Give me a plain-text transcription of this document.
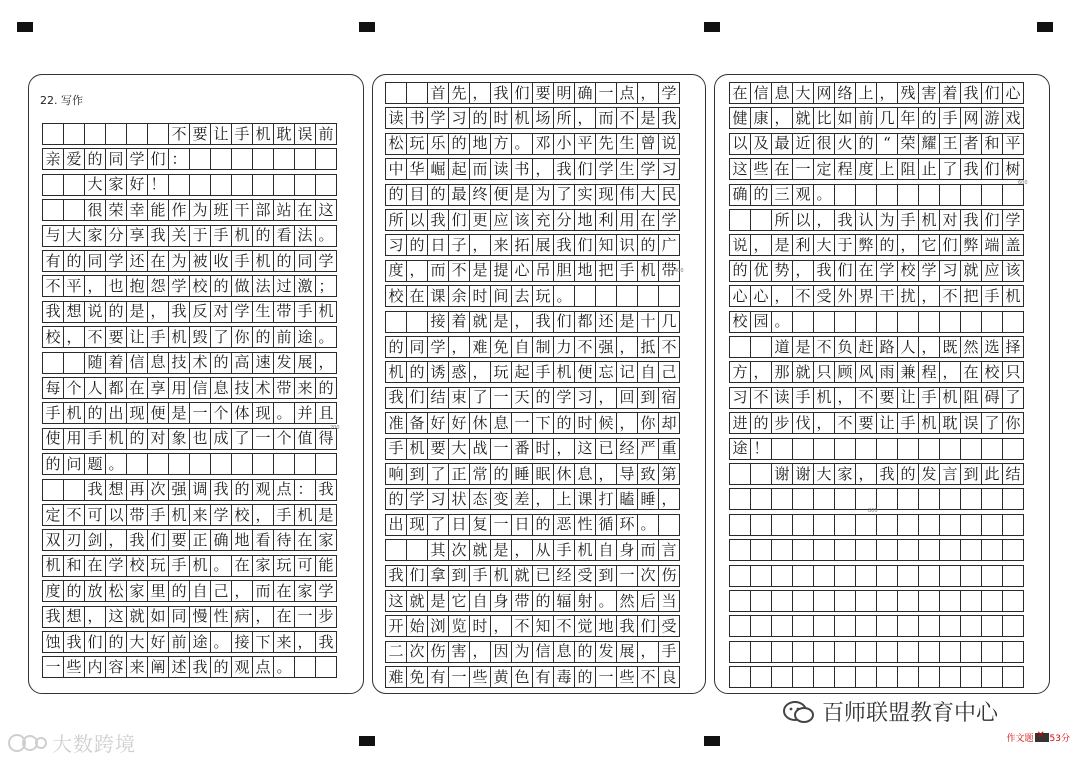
22. 写作
不 要 让 手 机 耽 误 前
亲 爱 的 同 学 们 ：
大 家 好 ！
很 荣 幸 能 作 为 班 干 部 站 在 这
与 大 家 分 享 我 关 于 手 机 的 看 法 。
有 的 同 学 还 在 为 被 收 手 机 的 同 学
不 平 ， 也 抱 怨 学 校 的 做 法 过 激 ；
我 想 说 的 是 ， 我 反 对 学 生 带 手 机
校 ， 不 要 让 手 机 毁 了 你 的 前 途 。
随 着 信 息 技 术 的 高 速 发 展 ，
每 个 人 都 在 享 用 信 息 技 术 带 来 的
手 机 的 出 现 便 是 一 个 体 现 。 并 且
使 用 手 机 的 对 象 也 成 了 一 个 值 得
的 问 题 。
我 想 再 次 强 调 我 的 观 点 ： 我
定 不 可 以 带 手 机 来 学 校 ， 手 机 是
双 刃 剑 ， 我 们 要 正 确 地 看 待 在 家
机 和 在 学 校 玩 手 机 。 在 家 玩 可 能
度 的 放 松 家 里 的 自 己 ， 而 在 家 学
我 想 ， 这 就 如 同 慢 性 病 ， 在 一 步
蚀 我 们 的 大 好 前 途 。 接 下 来 ， 我
一 些 内 容 来 阐 述 我 的 观 点 。
首 先 ， 我 们 要 明 确 一 点 ， 学
读 书 学 习 的 时 机 场 所 ， 而 不 是 我
松 玩 乐 的 地 方 。 邓 小 平 先 生 曾 说
中 华 崛 起 而 读 书 ， 我 们 学 生 学 习
的 目 的 最 终 便 是 为 了 实 现 伟 大 民
所 以 我 们 更 应 该 充 分 地 利 用 在 学
习 的 日 子 ， 来 拓 展 我 们 知 识 的 广
度 ， 而 不 是 提 心 吊 胆 地 把 手 机 带
校 在 课 余 时 间 去 玩 。
接 着 就 是 ， 我 们 都 还 是 十 几
的 同 学 ， 难 免 自 制 力 不 强 ， 抵 不
机 的 诱 惑 ， 玩 起 手 机 便 忘 记 自 己
我 们 结 束 了 一 天 的 学 习 ， 回 到 宿
准 备 好 好 休 息 一 下 的 时 候 ， 你 却
手 机 要 大 战 一 番 时 ， 这 已 经 严 重
响 到 了 正 常 的 睡 眠 休 息 ， 导 致 第
的 学 习 状 态 变 差 ， 上 课 打 瞌 睡 ，
出 现 了 日 复 一 日 的 恶 性 循 环 。
其 次 就 是 ， 从 手 机 自 身 而 言
我 们 拿 到 手 机 就 已 经 受 到 一 次 伤
这 就 是 它 自 身 带 的 辐 射 。 然 后 当
开 始 浏 览 时 ， 不 知 不 觉 地 我 们 受
二 次 伤 害 ， 因 为 信 息 的 发 展 ， 手
难 免 有 一 些 黄 色 有 毒 的 一 些 不 良
在 信 息 大 网 络 上 ， 残 害 着 我 们 心
健 康 ， 就 比 如 前 几 年 的 手 网 游 戏
以 及 最 近 很 火 的 “ 荣 耀 王 者 和 平
这 些 在 一 定 程 度 上 阻 止 了 我 们 树
确 的 三 观 。
所 以 ， 我 认 为 手 机 对 我 们 学
说 ， 是 利 大 于 弊 的 ， 它 们 弊 端 盖
的 优 势 ， 我 们 在 学 校 学 习 就 应 该
心 心 ， 不 受 外 界 干 扰 ， 不 把 手 机
校 园 。
道 是 不 负 赶 路 人 ， 既 然 选 择
方 ， 那 就 只 顾 风 雨 兼 程 ， 在 校 只
习 不 读 手 机 ， 不 要 让 手 机 阻 碍 了
进 的 步 伐 ， 不 要 让 手 机 耽 误 了 你
途 ！
谢 谢 大 家 ， 我 的 发 言 到 此 结
200
400
600
800
百师联盟教育中心
大数跨境	作文题
✕ 53分
